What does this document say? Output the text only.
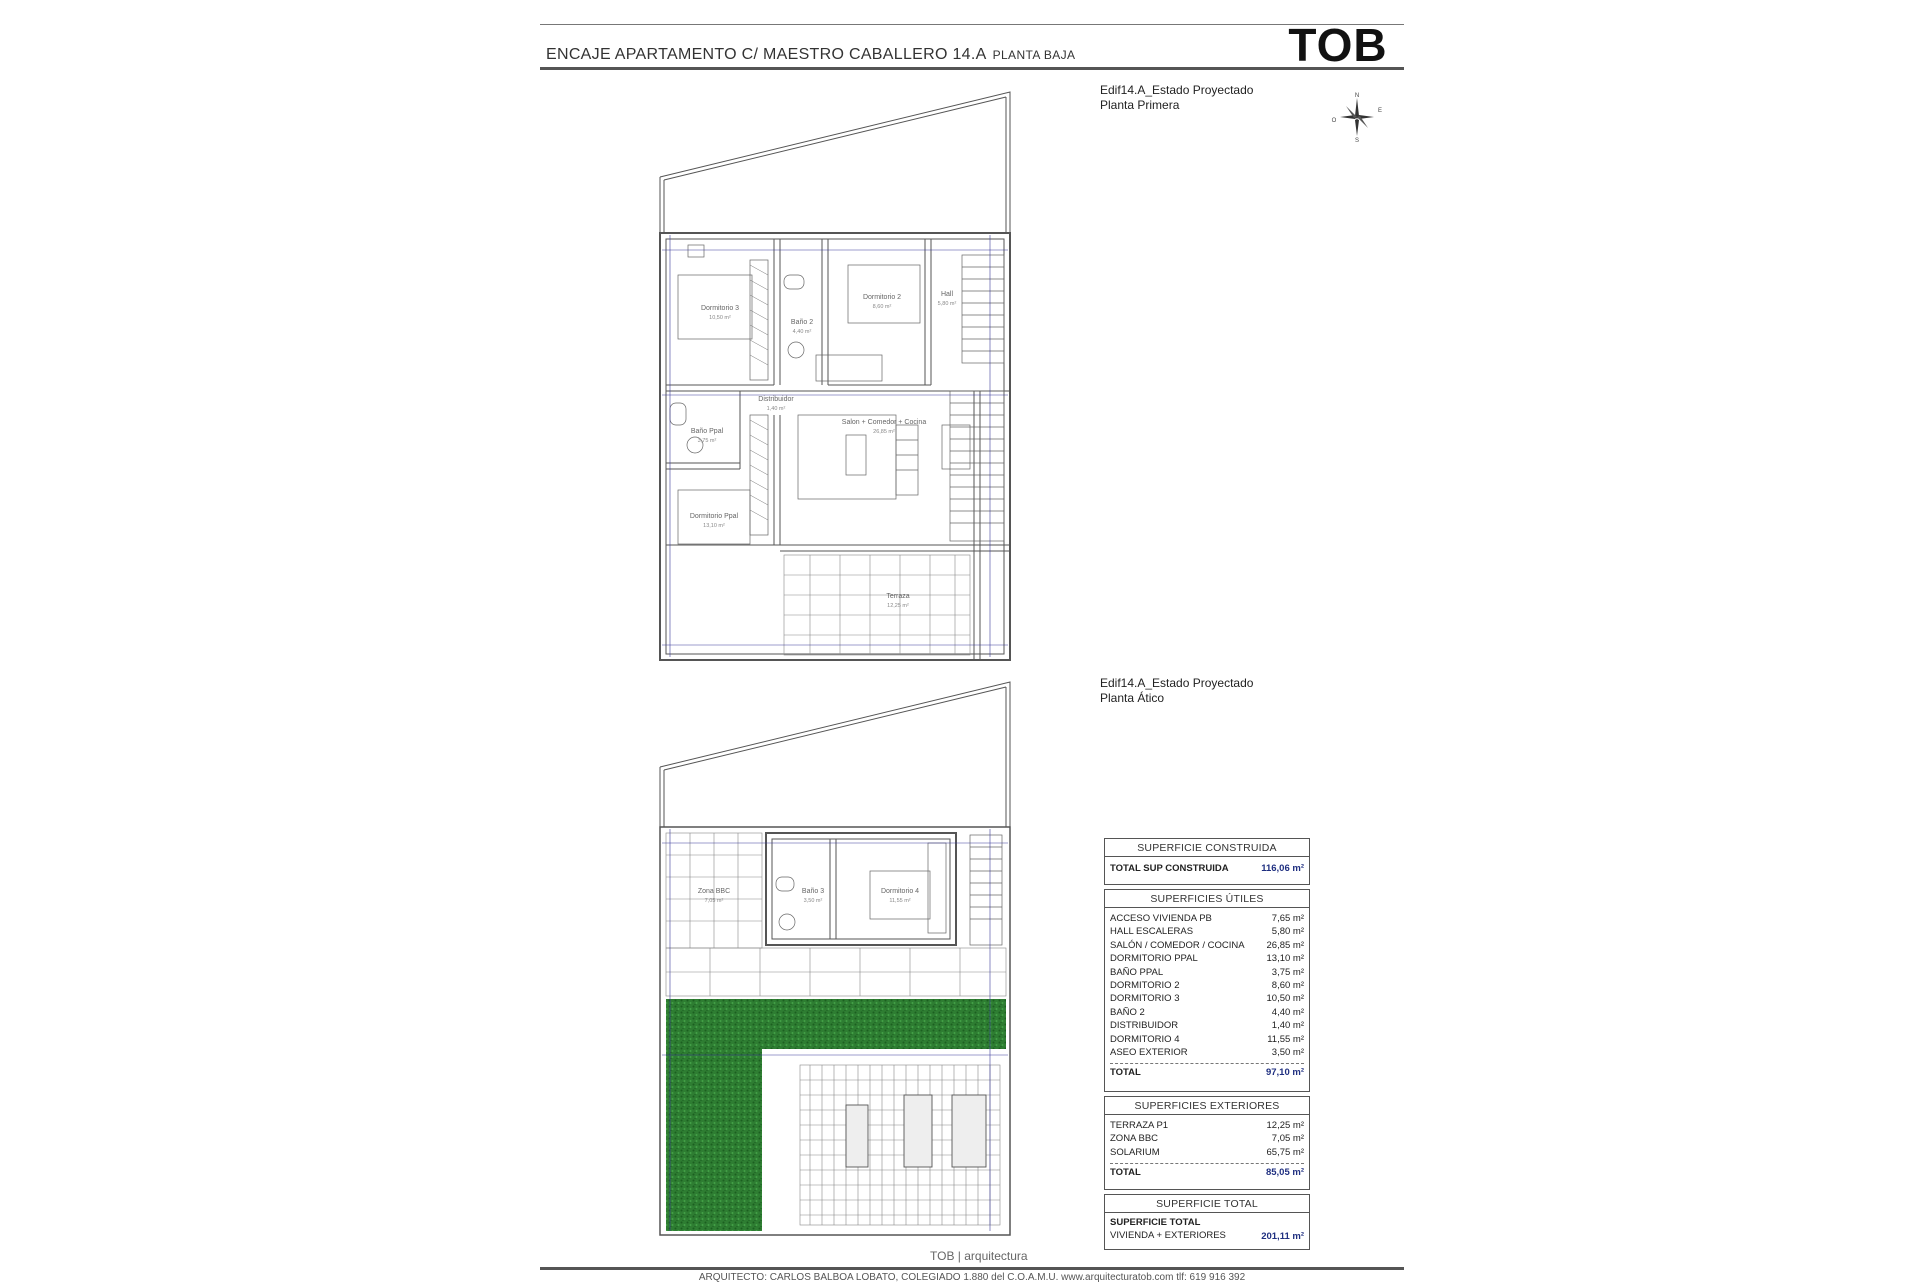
ENCAJE APARTAMENTO C/ MAESTRO CABALLERO 14.A PLANTA BAJA	TOB
N
S
E
O
Edif14.A_Estado Proyectado
Planta Primera
Dormitorio 3
10,50 m²
Baño 2
4,40 m²
Dormitorio 2
8,60 m²
Hall
5,80 m²
Distribuidor
1,40 m²
Baño Ppal
3,75 m²
Salon + Comedor + Cocina
26,85 m²
Dormitorio Ppal
13,10 m²
Terraza
12,25 m²
Edif14.A_Estado Proyectado
Planta Ático
Zona BBC
7,05 m²
Baño 3
3,50 m²
Dormitorio 4
11,55 m²
SUPERFICIE CONSTRUIDA
TOTAL SUP CONSTRUIDA	116,06 m²
SUPERFICIES ÚTILES
ACCESO VIVIENDA PB	7,65 m²
HALL ESCALERAS	5,80 m²
SALÓN / COMEDOR / COCINA 26,85 m²
DORMITORIO PPAL	13,10 m²
BAÑO PPAL	3,75 m²
DORMITORIO 2	8,60 m²
DORMITORIO 3	10,50 m²
BAÑO 2	4,40 m²
DISTRIBUIDOR	1,40 m²
DORMITORIO 4	11,55 m²
ASEO EXTERIOR	3,50 m²
TOTAL	97,10 m²
SUPERFICIES EXTERIORES
TERRAZA P1	12,25 m²
ZONA BBC	7,05 m²
SOLARIUM	65,75 m²
TOTAL	85,05 m²
SUPERFICIE TOTAL
SUPERFICIE TOTAL
VIVIENDA + EXTERIORES	201,11 m²
TOB | arquitectura
ARQUITECTO: CARLOS BALBOA LOBATO, COLEGIADO 1.880 del C.O.A.M.U. www.arquitecturatob.com tlf: 619 916 392
